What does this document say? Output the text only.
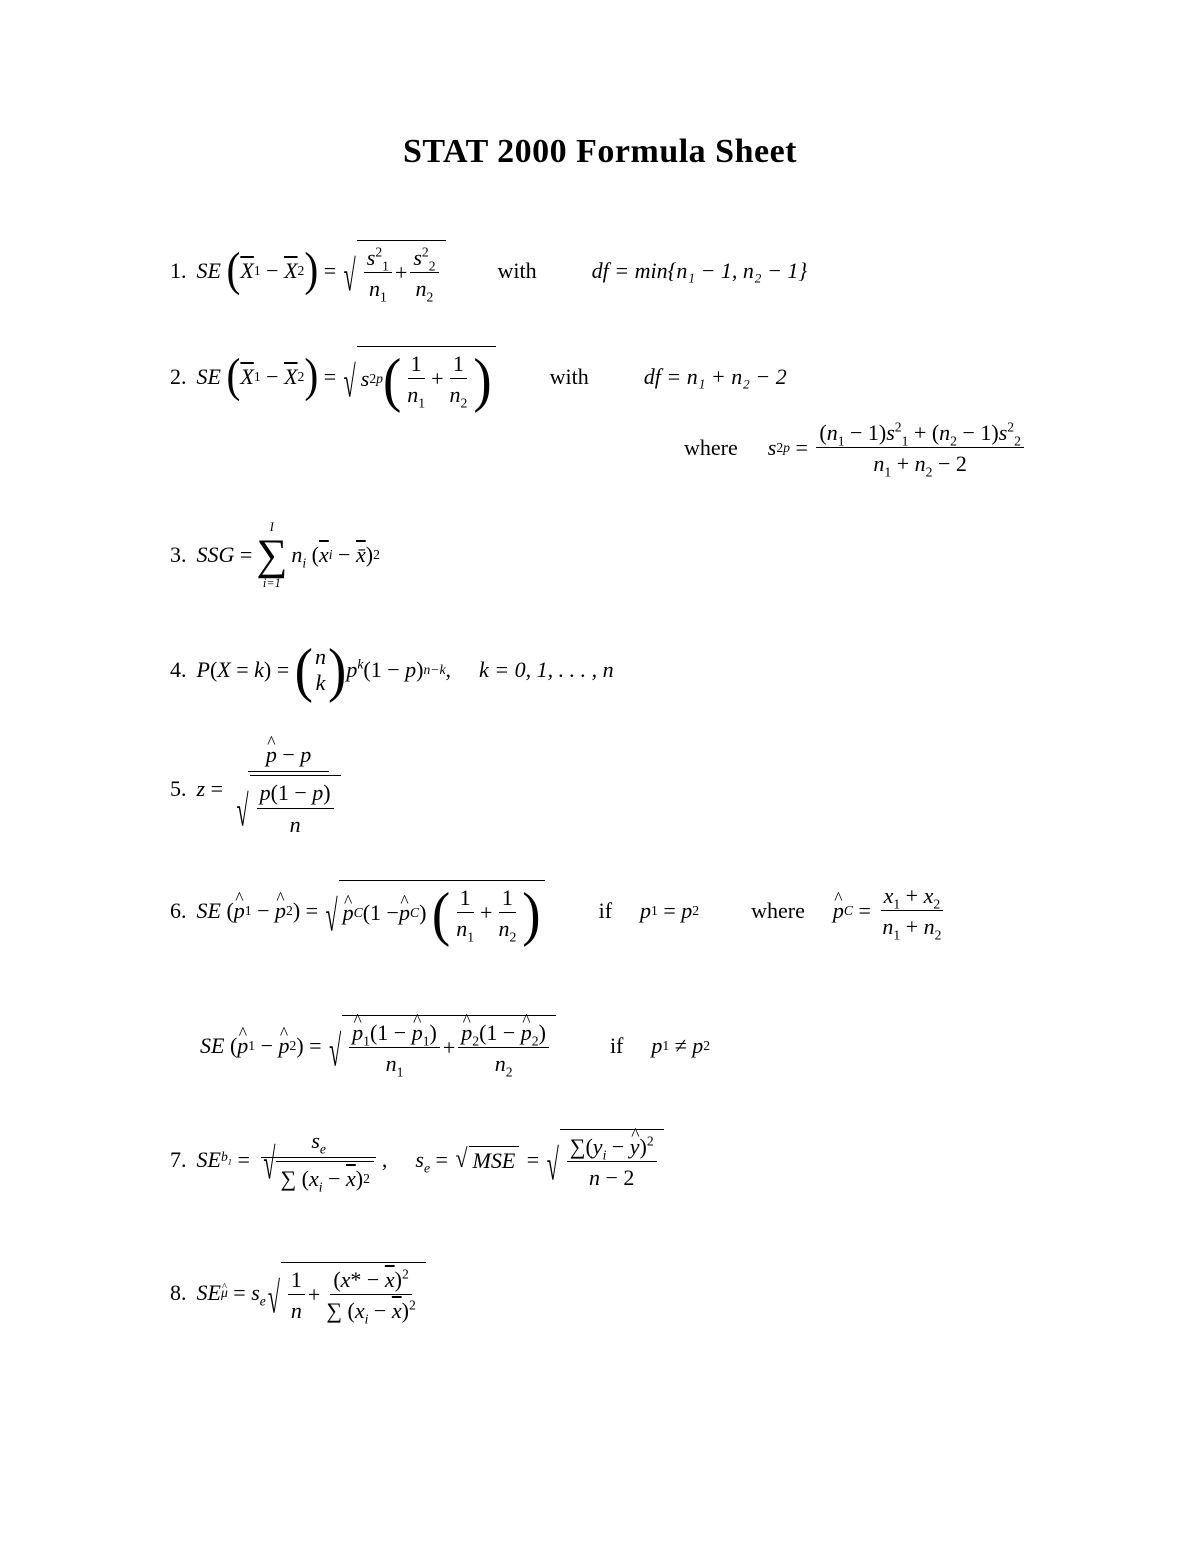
STAT 2000 Formula Sheet
1. SE
( $\overline{X}$ $1 - \overline{X}$ 2 ) = √ $\frac{s^2_1}{n_1} + \frac{s^2_2}{n_2}$	with	df = min{n₁ − 1, n₂ − 1}
2. SE
( $\overline{X}$ $1 - \overline{X}$ 2 ) = √ s 2 p ( $\frac{1}{n_1} + \frac{1}{n_2}$ )	with	df = n₁ + n₂ − 2
where s 2 $p = \frac{(n_1 - 1)s^2_1 + (n_2 - 1)s^2_2}{n_1 + n_2 - 2}$
3. SSG =
I
∑
i=1
$n_i$ ( $\overline{x}$ i − x̄ ) 2
4. P ( X = k ) = ( n
k ) $p^k$ (1 − p ) n−k , k = 0, 1, . . . , n
5. z = ^ $\frac{p - p}{√ \frac{p(1 - p)}{n}}$
6. SE ( ^ p 1 − ^ p 2 ) = √ ^ p C (1 − ^ p C ) ( $\frac{1}{n_1} + \frac{1}{n_2}$ )	if p 1 = p 2 where ^ p $C = \frac{x_1 + x_2}{n_1 + n_2}$
SE ( ^ p 1 − ^ p 2 ) = √ ^ $\frac{p_1(1 - \^{} p_1)}{n_1}$ + ^ $\frac{p_2(1 - \^{} p_2)}{n_2}$	if p 1 ≠ p 2
7. SE $b_1 = \frac{s_e}{√ \sum ( x_i - \overline{x} ) 2}$ , $s_e$ = √ MSE = √ $\frac{\sum(y_i - \^{} y)^2}{n - 2}$
8. SE $\mu = s_e$ √ $\frac{1}{n} + \frac{(x* - \overline{x})^2}{\sum (x_i - \overline{x})^2}$
